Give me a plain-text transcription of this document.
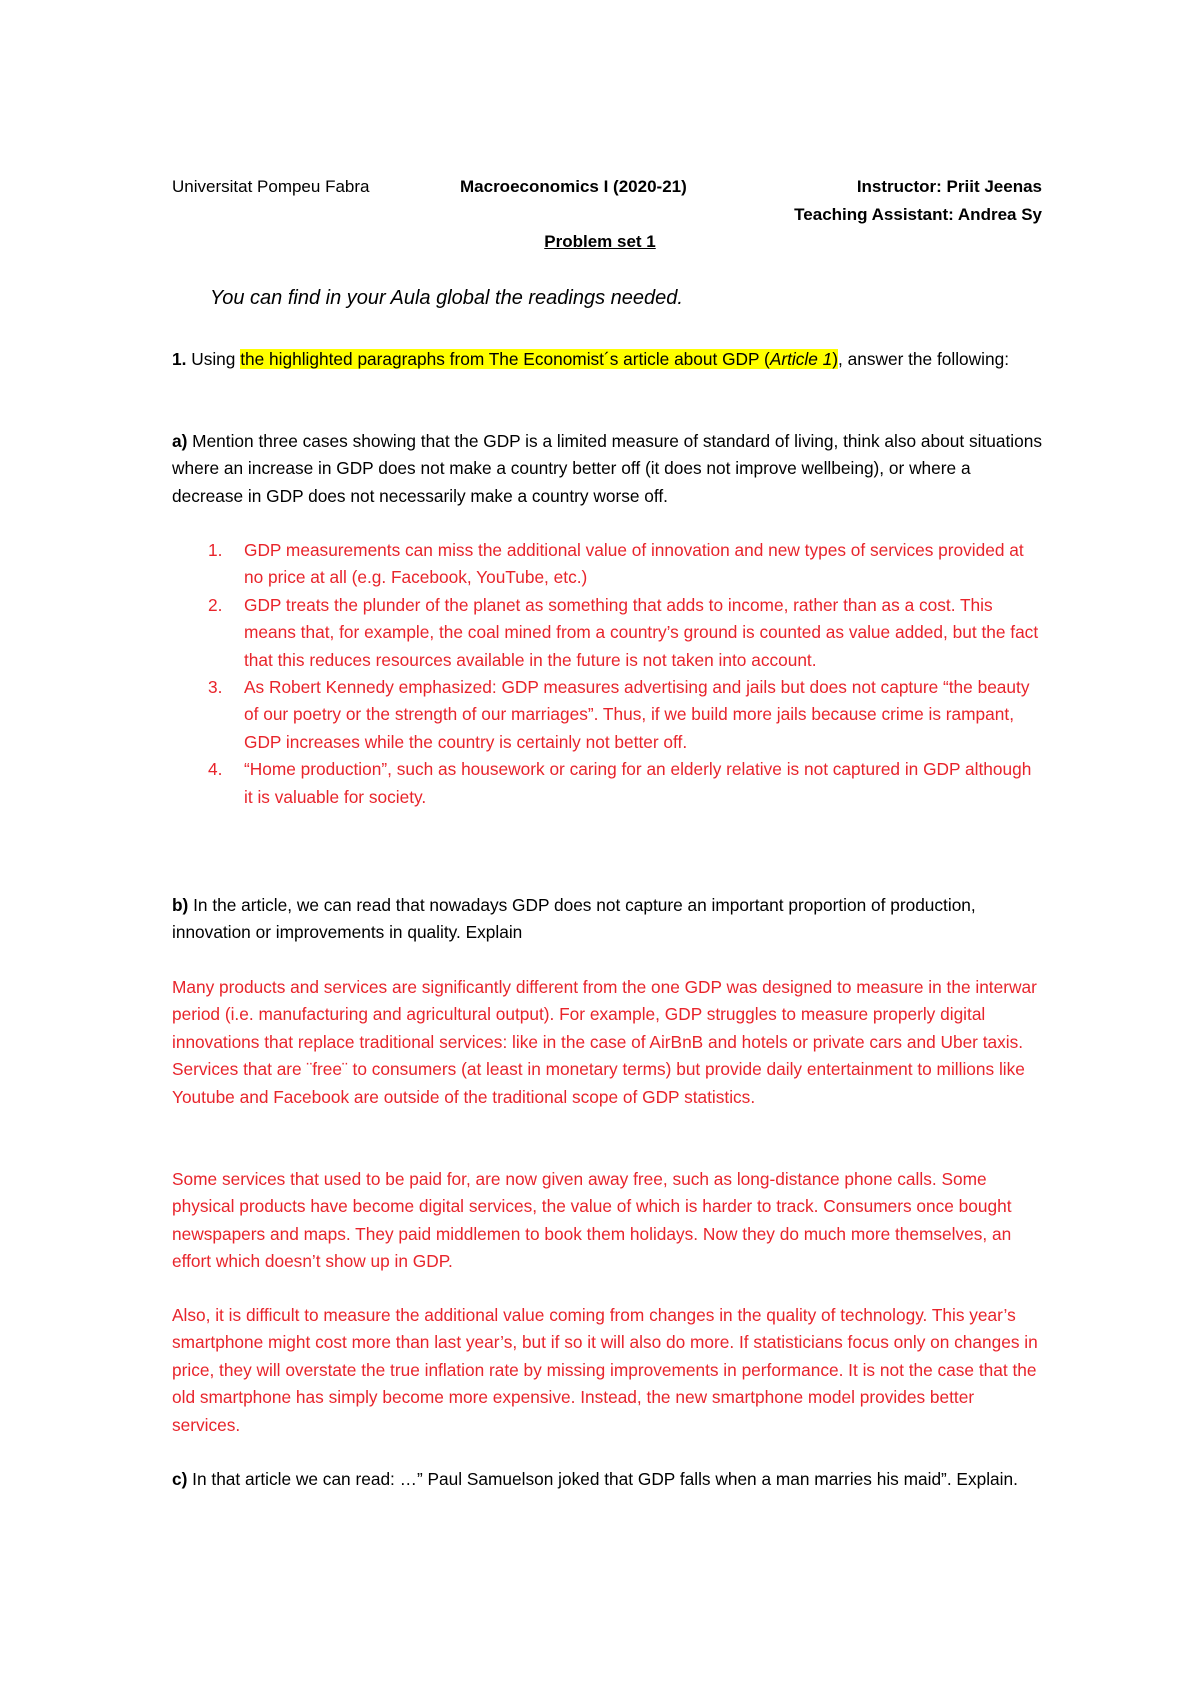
Universitat Pompeu Fabra	Macroeconomics I (2020-21)	Instructor: Priit Jeenas
Teaching Assistant: Andrea Sy
Problem set 1
You can find in your Aula global the readings needed.
1. Using the highlighted paragraphs from The Economist´s article about GDP (Article 1), answer the following:
a) Mention three cases showing that the GDP is a limited measure of standard of living, think also about situations where an increase in GDP does not make a country better off (it does not improve wellbeing), or where a decrease in GDP does not necessarily make a country worse off.
1. GDP measurements can miss the additional value of innovation and new types of services provided at no price at all (e.g. Facebook, YouTube, etc.)
2. GDP treats the plunder of the planet as something that adds to income, rather than as a cost. This means that, for example, the coal mined from a country’s ground is counted as value added, but the fact that this reduces resources available in the future is not taken into account.
3. As Robert Kennedy emphasized: GDP measures advertising and jails but does not capture “the beauty of our poetry or the strength of our marriages”. Thus, if we build more jails because crime is rampant, GDP increases while the country is certainly not better off.
4. “Home production”, such as housework or caring for an elderly relative is not captured in GDP although it is valuable for society.
b) In the article, we can read that nowadays GDP does not capture an important proportion of production, innovation or improvements in quality. Explain
Many products and services are significantly different from the one GDP was designed to measure in the interwar period (i.e. manufacturing and agricultural output). For example, GDP struggles to measure properly digital innovations that replace traditional services: like in the case of AirBnB and hotels or private cars and Uber taxis. Services that are ¨free¨ to consumers (at least in monetary terms) but provide daily entertainment to millions like Youtube and Facebook are outside of the traditional scope of GDP statistics.
Some services that used to be paid for, are now given away free, such as long-distance phone calls. Some physical products have become digital services, the value of which is harder to track. Consumers once bought newspapers and maps. They paid middlemen to book them holidays. Now they do much more themselves, an effort which doesn’t show up in GDP.
Also, it is difficult to measure the additional value coming from changes in the quality of technology. This year’s smartphone might cost more than last year’s, but if so it will also do more. If statisticians focus only on changes in price, they will overstate the true inflation rate by missing improvements in performance. It is not the case that the old smartphone has simply become more expensive. Instead, the new smartphone model provides better services.
c) In that article we can read: …” Paul Samuelson joked that GDP falls when a man marries his maid”. Explain.
